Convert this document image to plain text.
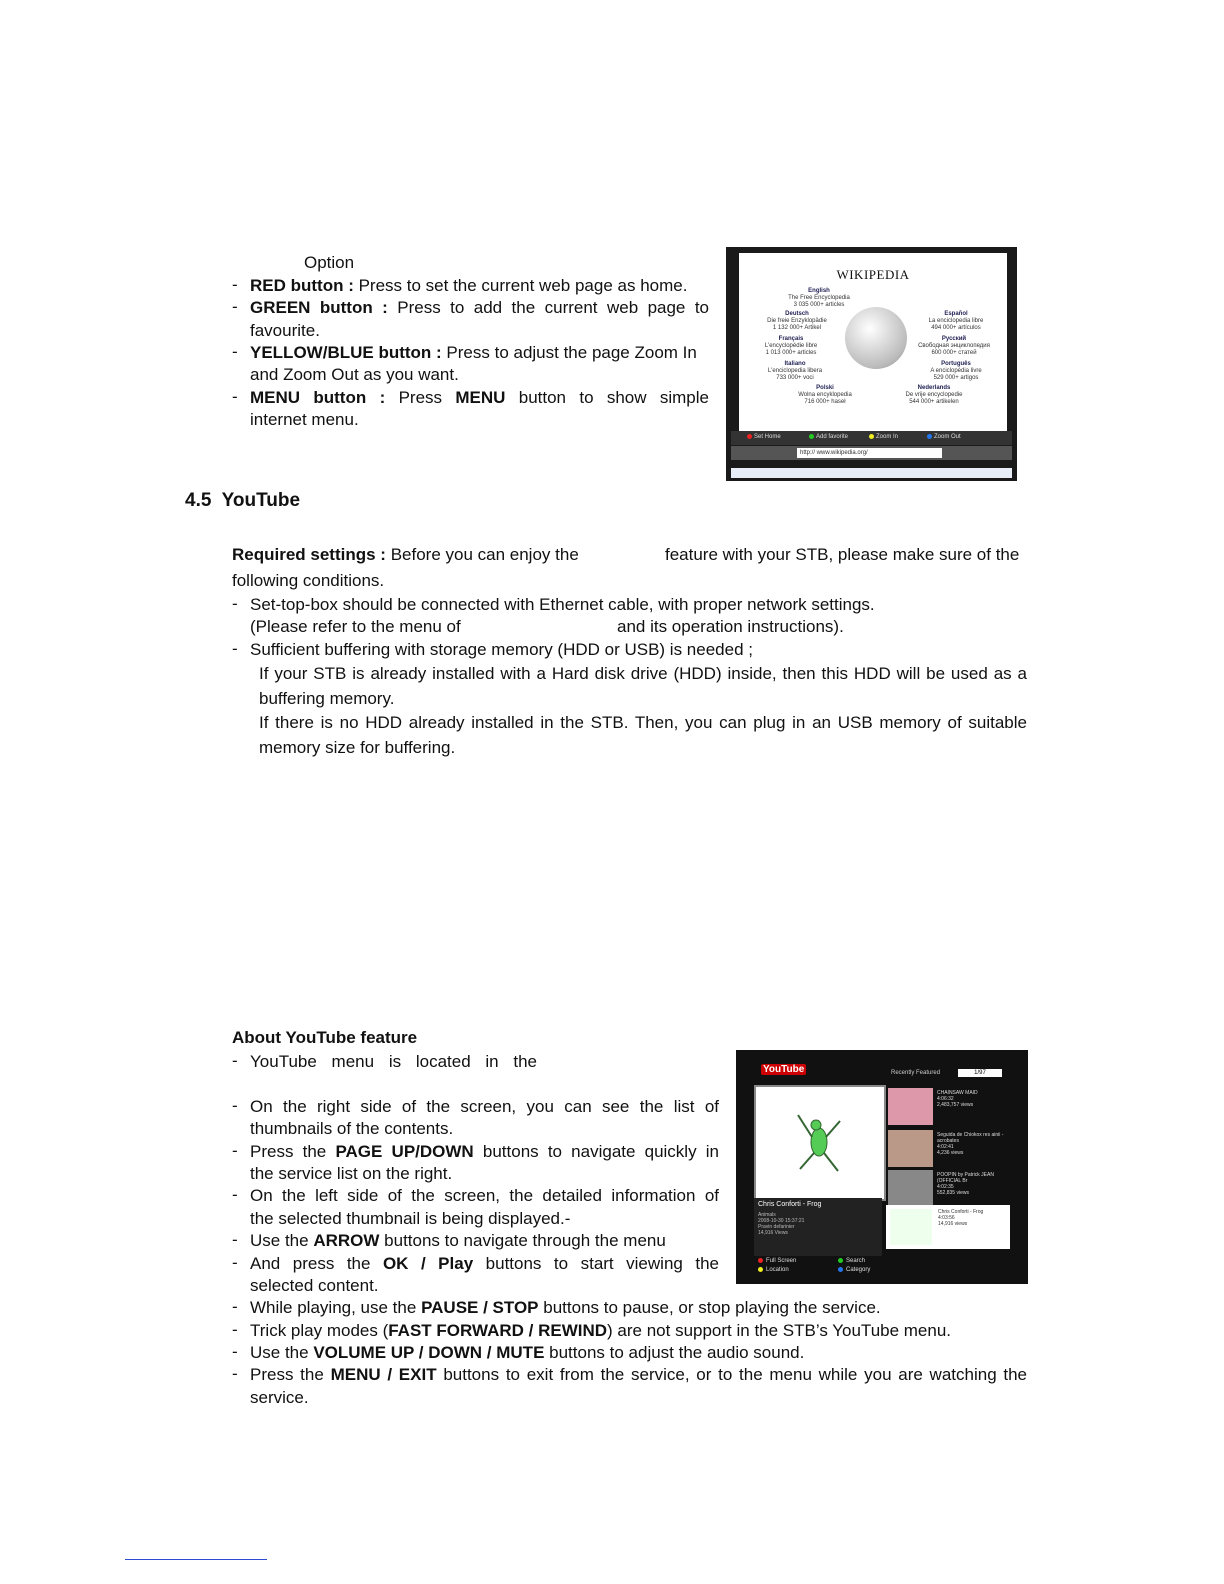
Option
- RED button : Press to set the current web page as home.
- GREEN button : Press to add the current web page to
favourite.
- YELLOW/BLUE button : Press to adjust the page Zoom In
and Zoom Out as you want.
- MENU button : Press MENU button to show simple
internet menu.
WIKIPEDIA
English
The Free Encyclopedia
3 035 000+ articles
Deutsch
Die freie Enzyklopädie
1 132 000+ Artikel
Français
L'encyclopédie libre
1 013 000+ articles
Italiano
L'enciclopedia libera
733 000+ voci
Polski
Wolna encyklopedia
716 000+ haseł
Español
La enciclopedia libre
494 000+ artículos
Русский
Свободная энциклопедия
600 000+ статей
Português
A enciclopédia livre
529 000+ artigos
Nederlands
De vrije encyclopedie
544 000+ artikelen
Set Home	Add favorite	Zoom In	Zoom Out
http:// www.wikipedia.org/
4.5 YouTube
Required settings : Before you can enjoy the	feature with your STB, please make sure of the
following conditions.
- Set-top-box should be connected with Ethernet cable, with proper network settings.
(Please refer to the menu of	and its operation instructions).
- Sufficient buffering with storage memory (HDD or USB) is needed ;
If your STB is already installed with a Hard disk drive (HDD) inside, then this HDD will be used as a
buffering memory.
If there is no HDD already installed in the STB. Then, you can plug in an USB memory of suitable
memory size for buffering.
About YouTube feature
- YouTube menu is located in the
- On the right side of the screen, you can see the list of
thumbnails of the contents.
- Press the PAGE UP/DOWN buttons to navigate quickly in
the service list on the right.
- On the left side of the screen, the detailed information of
the selected thumbnail is being displayed.-
- Use the ARROW buttons to navigate through the menu
- And press the OK / Play buttons to start viewing the
selected content.
- While playing, use the PAUSE / STOP buttons to pause, or stop playing the service.
- Trick play modes (FAST FORWARD / REWIND) are not support in the STB’s YouTube menu.
- Use the VOLUME UP / DOWN / MUTE buttons to adjust the audio sound.
- Press the MENU / EXIT buttons to exit from the service, or to the menu while you are watching the
service.
YouTube	Recently Featured	1/97
Chris Conforti - Frog
Animals
2008-10-30 15:37:21
Pravin defarinier
14,916 Views
CHAINSAW MAID
4:06:32
2,483,757 views
Seguida de Chiokox res ainii - acrobates
4:02:41
4,236 views
POOPIN by Patrick JEAN (OFFICIAL Br
4:02:35
552,835 views
Chris Conforti - Frog
4:03:56
14,916 views
Full Screen	Search
Location	Category
